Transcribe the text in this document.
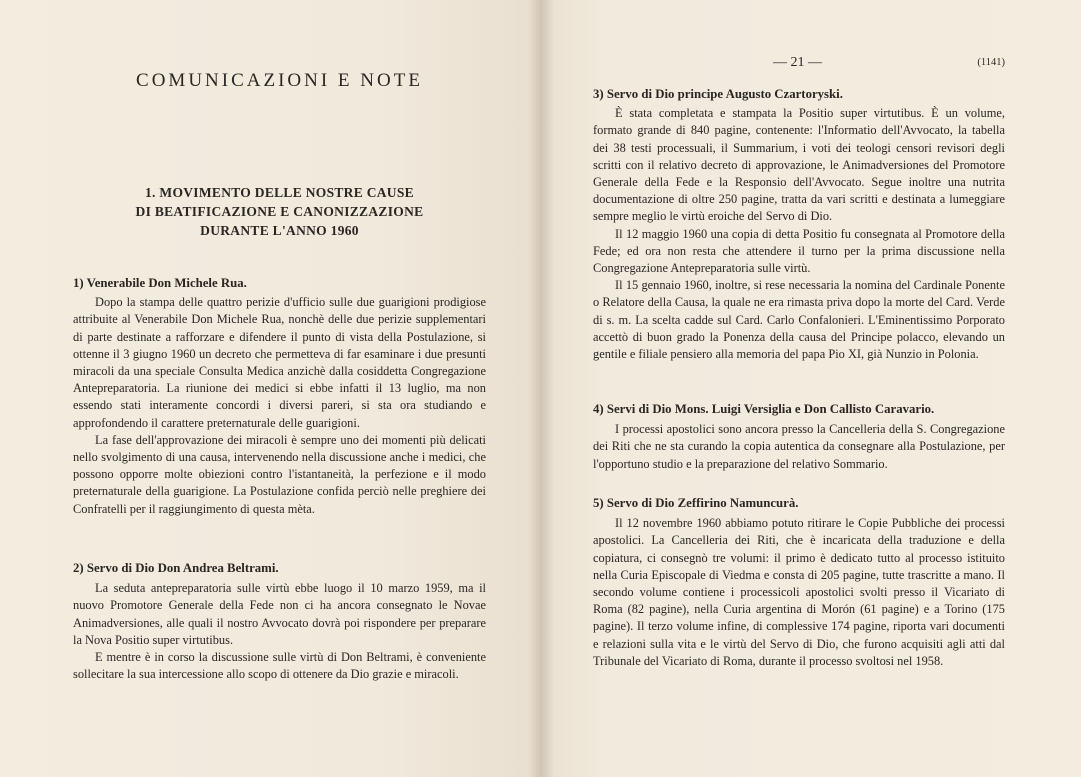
COMUNICAZIONI E NOTE
1. MOVIMENTO DELLE NOSTRE CAUSE
DI BEATIFICAZIONE E CANONIZZAZIONE
DURANTE L'ANNO 1960
1) Venerabile Don Michele Rua.

Dopo la stampa delle quattro perizie d'ufficio sulle due guarigioni prodigiose attribuite al Venerabile Don Michele Rua, nonchè delle due perizie supplementari di parte destinate a rafforzare e difendere il punto di vista della Postulazione, si ottenne il 3 giugno 1960 un decreto che permetteva di far esaminare i due presunti miracoli da una speciale Consulta Medica anzichè dalla cosiddetta Congregazione Antepreparatoria. La riunione dei medici si ebbe infatti il 13 luglio, ma non essendo stati interamente concordi i diversi pareri, si sta ora studiando e approfondendo il carattere preternaturale delle guarigioni.

La fase dell'approvazione dei miracoli è sempre uno dei momenti più delicati nello svolgimento di una causa, intervenendo nella discussione anche i medici, che possono opporre molte obiezioni contro l'istantaneità, la perfezione e il modo preternaturale della guarigione. La Postulazione confida perciò nelle preghiere dei Confratelli per il raggiungimento di questa mèta.

2) Servo di Dio Don Andrea Beltrami.

La seduta antepreparatoria sulle virtù ebbe luogo il 10 marzo 1959, ma il nuovo Promotore Generale della Fede non ci ha ancora consegnato le Novae Animadversiones, alle quali il nostro Avvocato dovrà poi rispondere per preparare la Nova Positio super virtutibus.

E mentre è in corso la discussione sulle virtù di Don Beltrami, è conveniente sollecitare la sua intercessione allo scopo di ottenere da Dio grazie e miracoli.

— 21 —	(1141)
3) Servo di Dio principe Augusto Czartoryski.

È stata completata e stampata la Positio super virtutibus. È un volume, formato grande di 840 pagine, contenente: l'Informatio dell'Avvocato, la tabella dei 38 testi processuali, il Summarium, i voti dei teologi censori revisori degli scritti con il relativo decreto di approvazione, le Animadversiones del Promotore Generale della Fede e la Responsio dell'Avvocato. Segue inoltre una nutrita documentazione di oltre 250 pagine, tratta da vari scritti e destinata a lumeggiare sempre meglio le virtù eroiche del Servo di Dio.

Il 12 maggio 1960 una copia di detta Positio fu consegnata al Promotore della Fede; ed ora non resta che attendere il turno per la prima discussione nella Congregazione Antepreparatoria sulle virtù.

Il 15 gennaio 1960, inoltre, si rese necessaria la nomina del Cardinale Ponente o Relatore della Causa, la quale ne era rimasta priva dopo la morte del Card. Verde di s. m. La scelta cadde sul Card. Carlo Confalonieri. L'Eminentissimo Porporato accettò di buon grado la Ponenza della causa del Principe polacco, elevando un gentile e filiale pensiero alla memoria del papa Pio XI, già Nunzio in Polonia.

4) Servi di Dio Mons. Luigi Versiglia e Don Callisto Caravario.

I processi apostolici sono ancora presso la Cancelleria della S. Congregazione dei Riti che ne sta curando la copia autentica da consegnare alla Postulazione, per l'opportuno studio e la preparazione del relativo Sommario.

5) Servo di Dio Zeffirino Namuncurà.

Il 12 novembre 1960 abbiamo potuto ritirare le Copie Pubbliche dei processi apostolici. La Cancelleria dei Riti, che è incaricata della traduzione e della copiatura, ci consegnò tre volumi: il primo è dedicato tutto al processo istituito nella Curia Episcopale di Viedma e consta di 205 pagine, tutte trascritte a mano. Il secondo volume contiene i processicoli apostolici svolti presso il Vicariato di Roma (82 pagine), nella Curia argentina di Morón (61 pagine) e a Torino (175 pagine). Il terzo volume infine, di complessive 174 pagine, riporta vari documenti e relazioni sulla vita e le virtù del Servo di Dio, che furono acquisiti agli atti dal Tribunale del Vicariato di Roma, durante il processo svoltosi nel 1958.
